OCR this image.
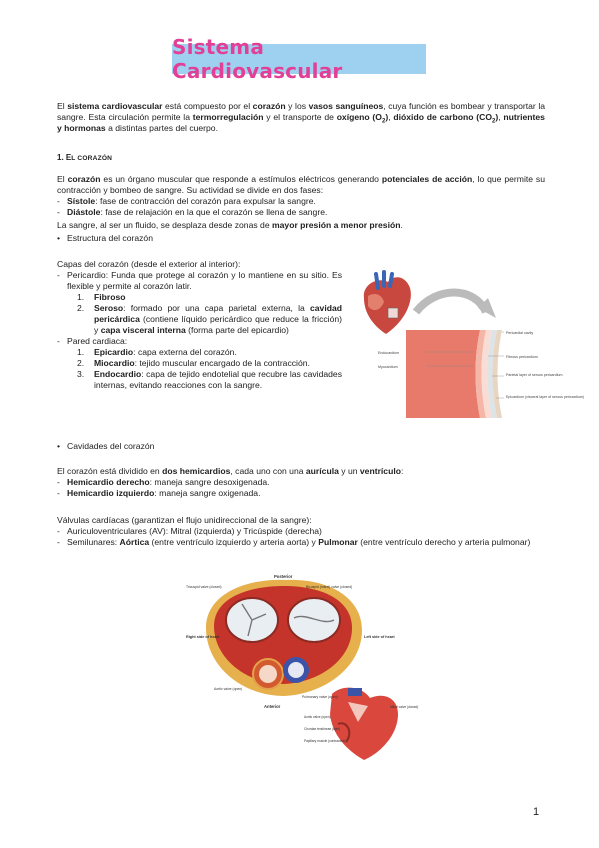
Sistema Cardiovascular
El sistema cardiovascular está compuesto por el corazón y los vasos sanguíneos, cuya función es bombear y transportar la sangre. Esta circulación permite la termorregulación y el transporte de oxígeno $(O_2)$, dióxido de carbono $(CO_2)$, nutrientes y hormonas a distintas partes del cuerpo.
1. EL CORAZÓN
El corazón es un órgano muscular que responde a estímulos eléctricos generando potenciales de acción, lo que permite su contracción y bombeo de sangre. Su actividad se divide en dos fases:
- Sístole: fase de contracción del corazón para expulsar la sangre.
- Diástole: fase de relajación en la que el corazón se llena de sangre.
La sangre, al ser un fluido, se desplaza desde zonas de mayor presión a menor presión.
• Estructura del corazón
Capas del corazón (desde el exterior al interior):
- Pericardio: Funda que protege al corazón y lo mantiene en su sitio. Es flexible y permite al corazón latir.
1. Fibroso
2. Seroso: formado por una capa parietal externa, la cavidad pericárdica (contiene líquido pericárdico que reduce la fricción) y capa visceral interna (forma parte del epicardio)
- Pared cardiaca:
1. Epicardio: capa externa del corazón.
2. Miocardio: tejido muscular encargado de la contracción.
3. Endocardio: capa de tejido endotelial que recubre las cavidades internas, evitando reacciones con la sangre.
Pericardial cavity
Endocardium
Fibrous pericardium
Myocardium
Parietal layer of serous pericardium
Epicardium (visceral layer of serous pericardium)
• Cavidades del corazón
El corazón está dividido en dos hemicardios, cada uno con una aurícula y un ventrículo:
- Hemicardio derecho: maneja sangre desoxigenada.
- Hemicardio izquierdo: maneja sangre oxigenada.
Válvulas cardíacas (garantizan el flujo unidireccional de la sangre):
- Auriculoventriculares (AV): Mitral (izquierda) y Tricúspide (derecha)
- Semilunares: Aórtica (entre ventrículo izquierdo y arteria aorta) y Pulmonar (entre ventrículo derecho y arteria pulmonar)
Posterior
Anterior
Tricuspid valve (closed)	Bicuspid (mitral) valve (closed)
Right side of heart	Left side of heart
Aortic valve (open)
Pulmonary valve (open)
Aortic valve (open)
Chordae tendineae (tight)
Papillary muscle (contracted)
Mitral valve (closed)
1
